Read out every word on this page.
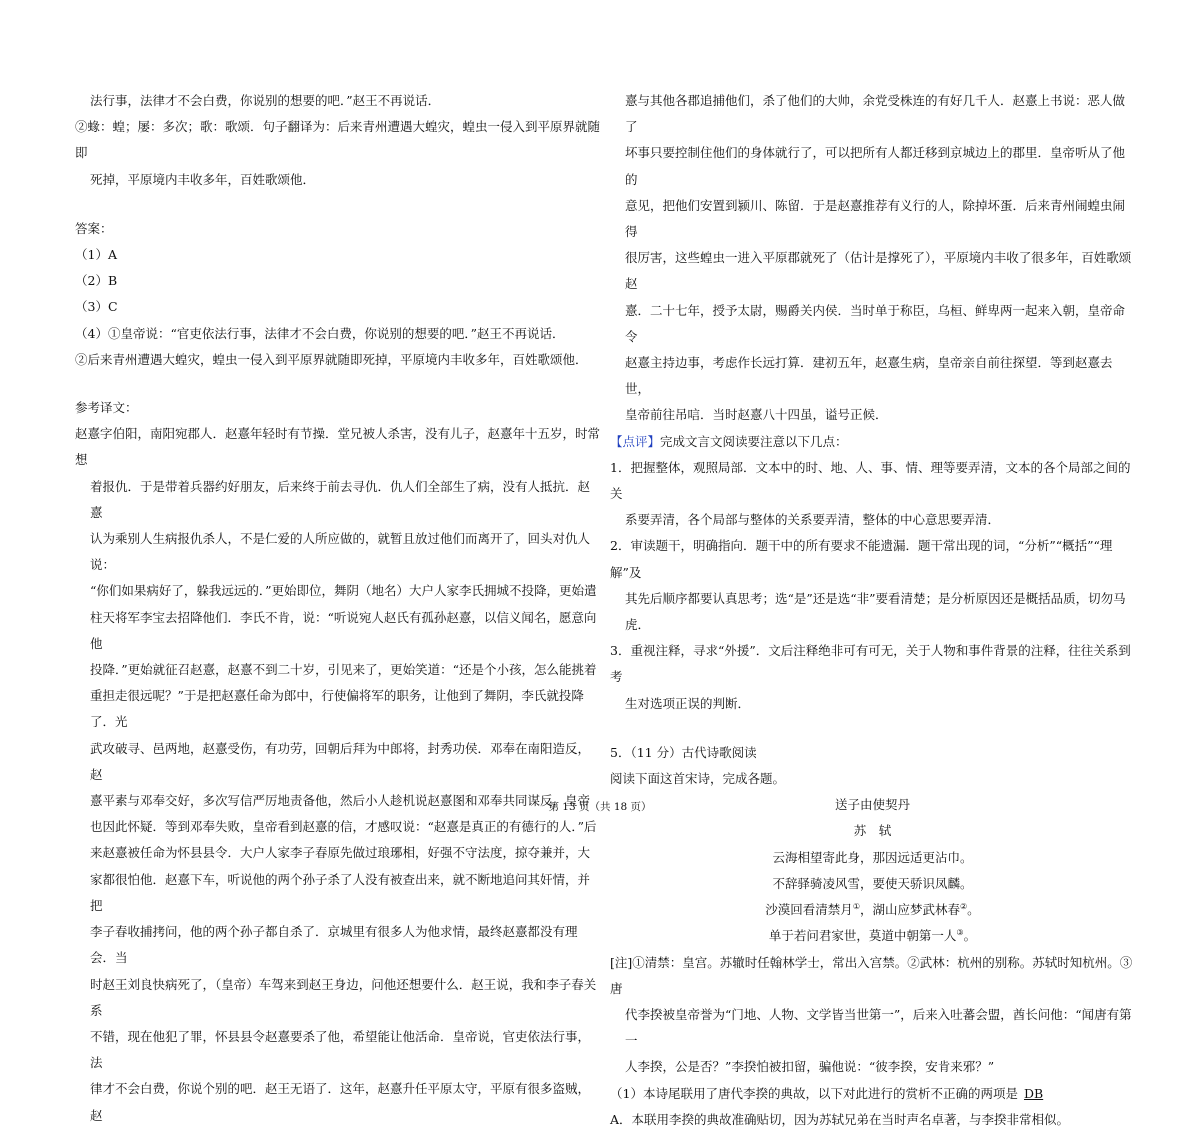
法行事，法律才不会白费，你说别的想要的吧．”赵王不再说话．

②蝝：蝗；屡：多次；歌：歌颂．句子翻译为：后来青州遭遇大蝗灾，蝗虫一侵入到平原界就随即

死掉，平原境内丰收多年，百姓歌颂他．

答案：

（1）A

（2）B

（3）C

（4）①皇帝说：“官吏依法行事，法律才不会白费，你说别的想要的吧．”赵王不再说话．

②后来青州遭遇大蝗灾，蝗虫一侵入到平原界就随即死掉，平原境内丰收多年，百姓歌颂他．

参考译文：

赵憙字伯阳，南阳宛郡人．赵憙年轻时有节操．堂兄被人杀害，没有儿子，赵憙年十五岁，时常想

着报仇．于是带着兵器约好朋友，后来终于前去寻仇．仇人们全部生了病，没有人抵抗．赵憙

认为乘别人生病报仇杀人，不是仁爱的人所应做的，就暂且放过他们而离开了，回头对仇人说：

“你们如果病好了，躲我远远的．”更始即位，舞阴（地名）大户人家李氏拥城不投降，更始遣

柱天将军李宝去招降他们．李氏不肯，说：“听说宛人赵氏有孤孙赵憙，以信义闻名，愿意向他

投降．”更始就征召赵憙，赵憙不到二十岁，引见来了，更始笑道：“还是个小孩，怎么能挑着

重担走很远呢？”于是把赵憙任命为郎中，行使偏将军的职务，让他到了舞阴，李氏就投降了．光

武攻破寻、邑两地，赵憙受伤，有功劳，回朝后拜为中郎将，封秀功侯．邓奉在南阳造反，赵

憙平素与邓奉交好，多次写信严厉地责备他，然后小人趁机说赵憙图和邓奉共同谋反，皇帝

也因此怀疑．等到邓奉失败，皇帝看到赵憙的信，才感叹说：“赵憙是真正的有德行的人．”后

来赵憙被任命为怀县县令．大户人家李子春原先做过琅琊相，好强不守法度，掠夺兼并，大

家都很怕他．赵憙下车，听说他的两个孙子杀了人没有被查出来，就不断地追问其奸情，并把

李子春收捕拷问，他的两个孙子都自杀了．京城里有很多人为他求情，最终赵憙都没有理会．当

时赵王刘良快病死了，（皇帝）车驾来到赵王身边，问他还想要什么．赵王说，我和李子春关系

不错，现在他犯了罪，怀县县令赵憙要杀了他，希望能让他活命．皇帝说，官吏依法行事，法

律才不会白费，你说个别的吧．赵王无语了．这年，赵憙升任平原太守，平原有很多盗贼，赵

憙与其他各郡追捕他们，杀了他们的大帅，余党受株连的有好几千人．赵憙上书说：恶人做了

坏事只要控制住他们的身体就行了，可以把所有人都迁移到京城边上的郡里．皇帝听从了他的

意见，把他们安置到颍川、陈留．于是赵憙推荐有义行的人，除掉坏蛋．后来青州闹蝗虫闹得

很厉害，这些蝗虫一进入平原郡就死了（估计是撑死了），平原境内丰收了很多年，百姓歌颂赵

憙．二十七年，授予太尉，赐爵关内侯．当时单于称臣，乌桓、鲜卑两一起来入朝，皇帝命令

赵憙主持边事，考虑作长远打算．建初五年，赵憙生病，皇帝亲自前往探望．等到赵憙去世，

皇帝前往吊唁．当时赵憙八十四虽，谥号正候．

【点评】完成文言文阅读要注意以下几点：

1．把握整体，观照局部．文本中的时、地、人、事、情、理等要弄清，文本的各个局部之间的关

系要弄清，各个局部与整体的关系要弄清，整体的中心意思要弄清．

2．审读题干，明确指向．题干中的所有要求不能遗漏．题干常出现的词，“分析”“概括”“理解”及

其先后顺序都要认真思考；选“是”还是选“非”要看清楚；是分析原因还是概括品质，切勿马虎．

3．重视注释，寻求“外援”．文后注释绝非可有可无，关于人物和事件背景的注释，往往关系到考

生对选项正误的判断．

5．（11 分）古代诗歌阅读

阅读下面这首宋诗，完成各题。

送子由使契丹

苏　轼

云海相望寄此身，那因远适更沾巾。

不辞驿骑凌风雪，要使天骄识凤麟。

沙漠回看清禁月①，湖山应梦武林春②。

单于若问君家世，莫道中朝第一人③。

[注]①清禁：皇宫。苏辙时任翰林学士，常出入宫禁。②武林：杭州的别称。苏轼时知杭州。③唐

代李揆被皇帝誉为“门地、人物、文学皆当世第一”，后来入吐蕃会盟，酋长问他：“闻唐有第一

人李揆，公是否？”李揆怕被扣留，骗他说：“彼李揆，安肯来邪？”

（1）本诗尾联用了唐代李揆的典故，以下对此进行的赏析不正确的两项是 DB

A．本联用李揆的典故准确贴切，因为苏轼兄弟在当时声名卓著，与李揆非常相似。

第 13 页（共 18 页）
